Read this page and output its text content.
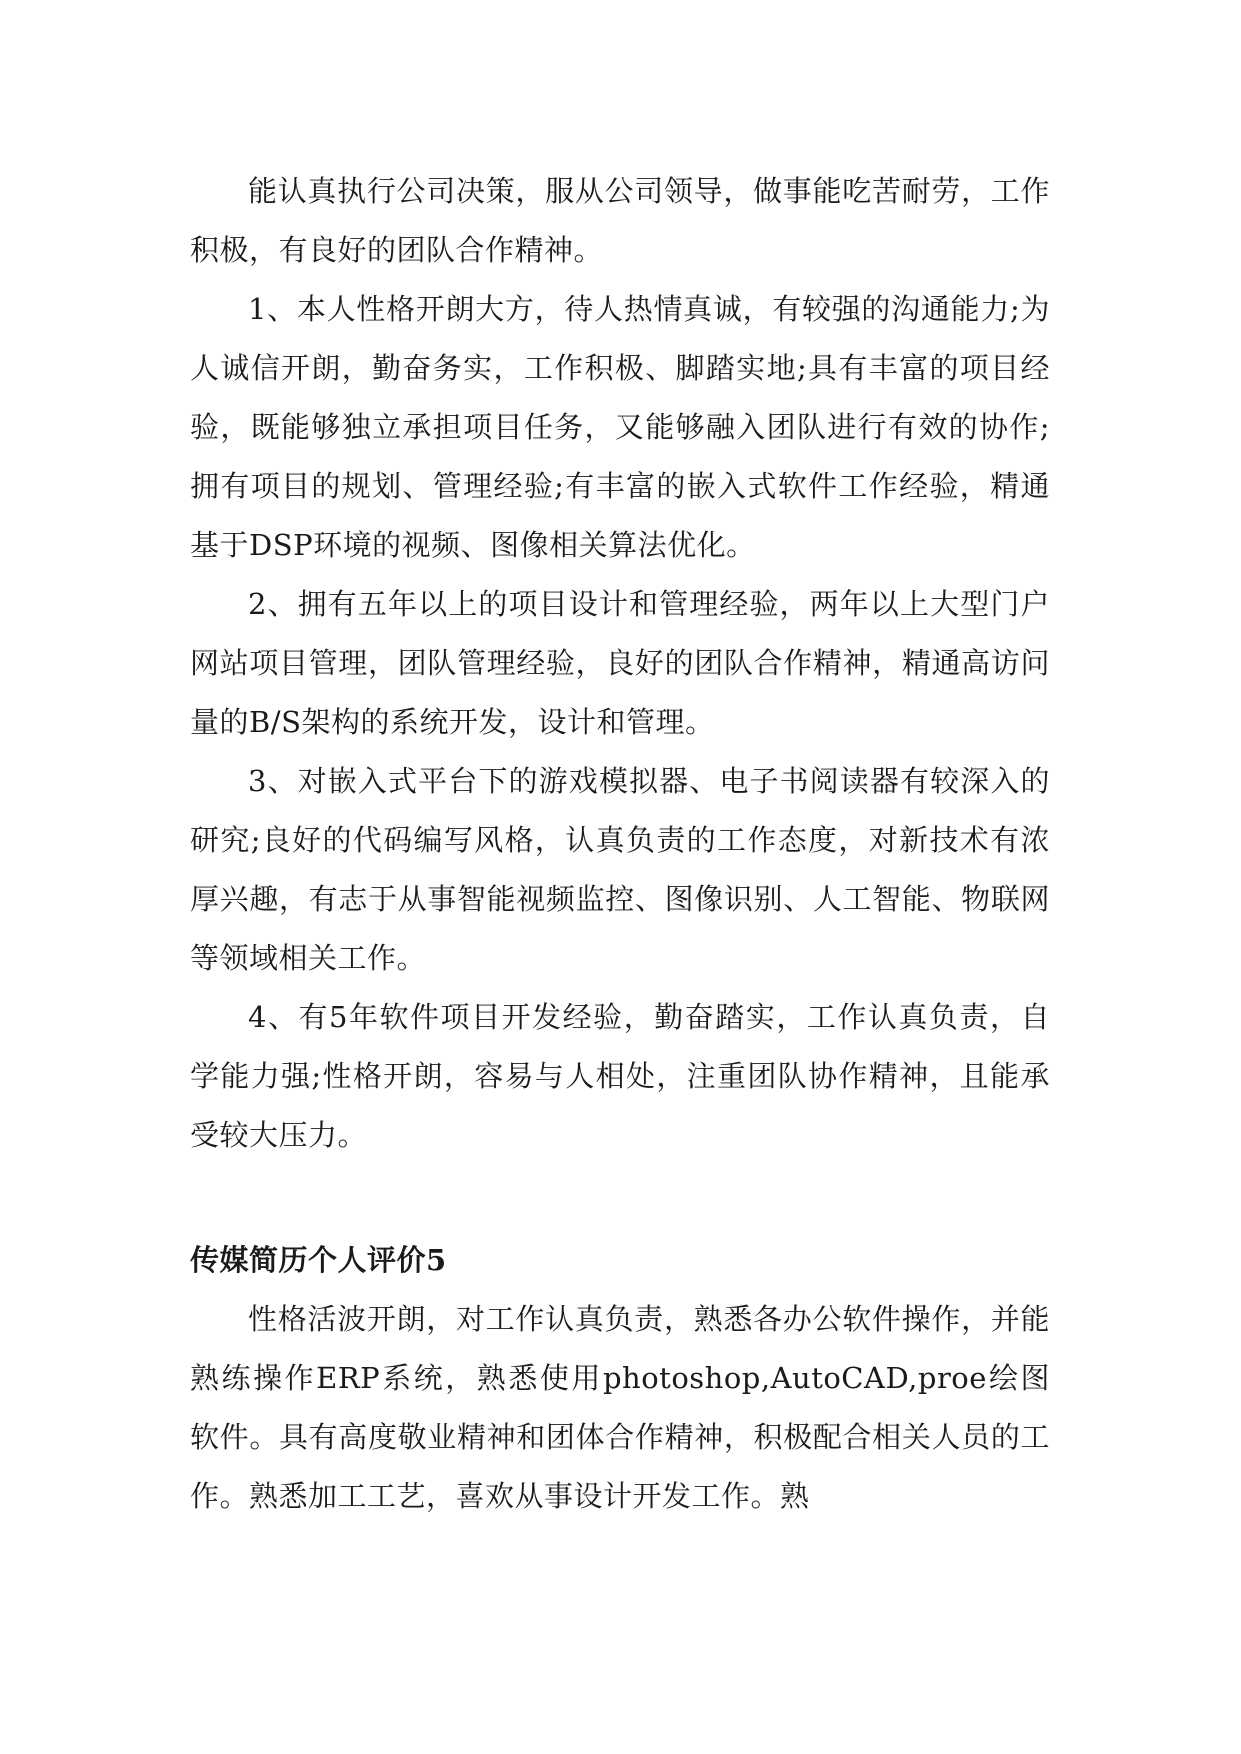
能认真执行公司决策，服从公司领导，做事能吃苦耐劳，工作积极，有良好的团队合作精神。

1、本人性格开朗大方，待人热情真诚，有较强的沟通能力;为人诚信开朗，勤奋务实，工作积极、脚踏实地;具有丰富的项目经验，既能够独立承担项目任务，又能够融入团队进行有效的协作;拥有项目的规划、管理经验;有丰富的嵌入式软件工作经验，精通基于DSP环境的视频、图像相关算法优化。

2、拥有五年以上的项目设计和管理经验，两年以上大型门户网站项目管理，团队管理经验，良好的团队合作精神，精通高访问量的B/S架构的系统开发，设计和管理。

3、对嵌入式平台下的游戏模拟器、电子书阅读器有较深入的研究;良好的代码编写风格，认真负责的工作态度，对新技术有浓厚兴趣，有志于从事智能视频监控、图像识别、人工智能、物联网等领域相关工作。

4、有5年软件项目开发经验，勤奋踏实，工作认真负责，自学能力强;性格开朗，容易与人相处，注重团队协作精神，且能承受较大压力。

传媒简历个人评价5

性格活波开朗，对工作认真负责，熟悉各办公软件操作，并能熟练操作ERP系统，熟悉使用photoshop,AutoCAD,proe绘图软件。具有高度敬业精神和团体合作精神，积极配合相关人员的工作。熟悉加工工艺，喜欢从事设计开发工作。熟
